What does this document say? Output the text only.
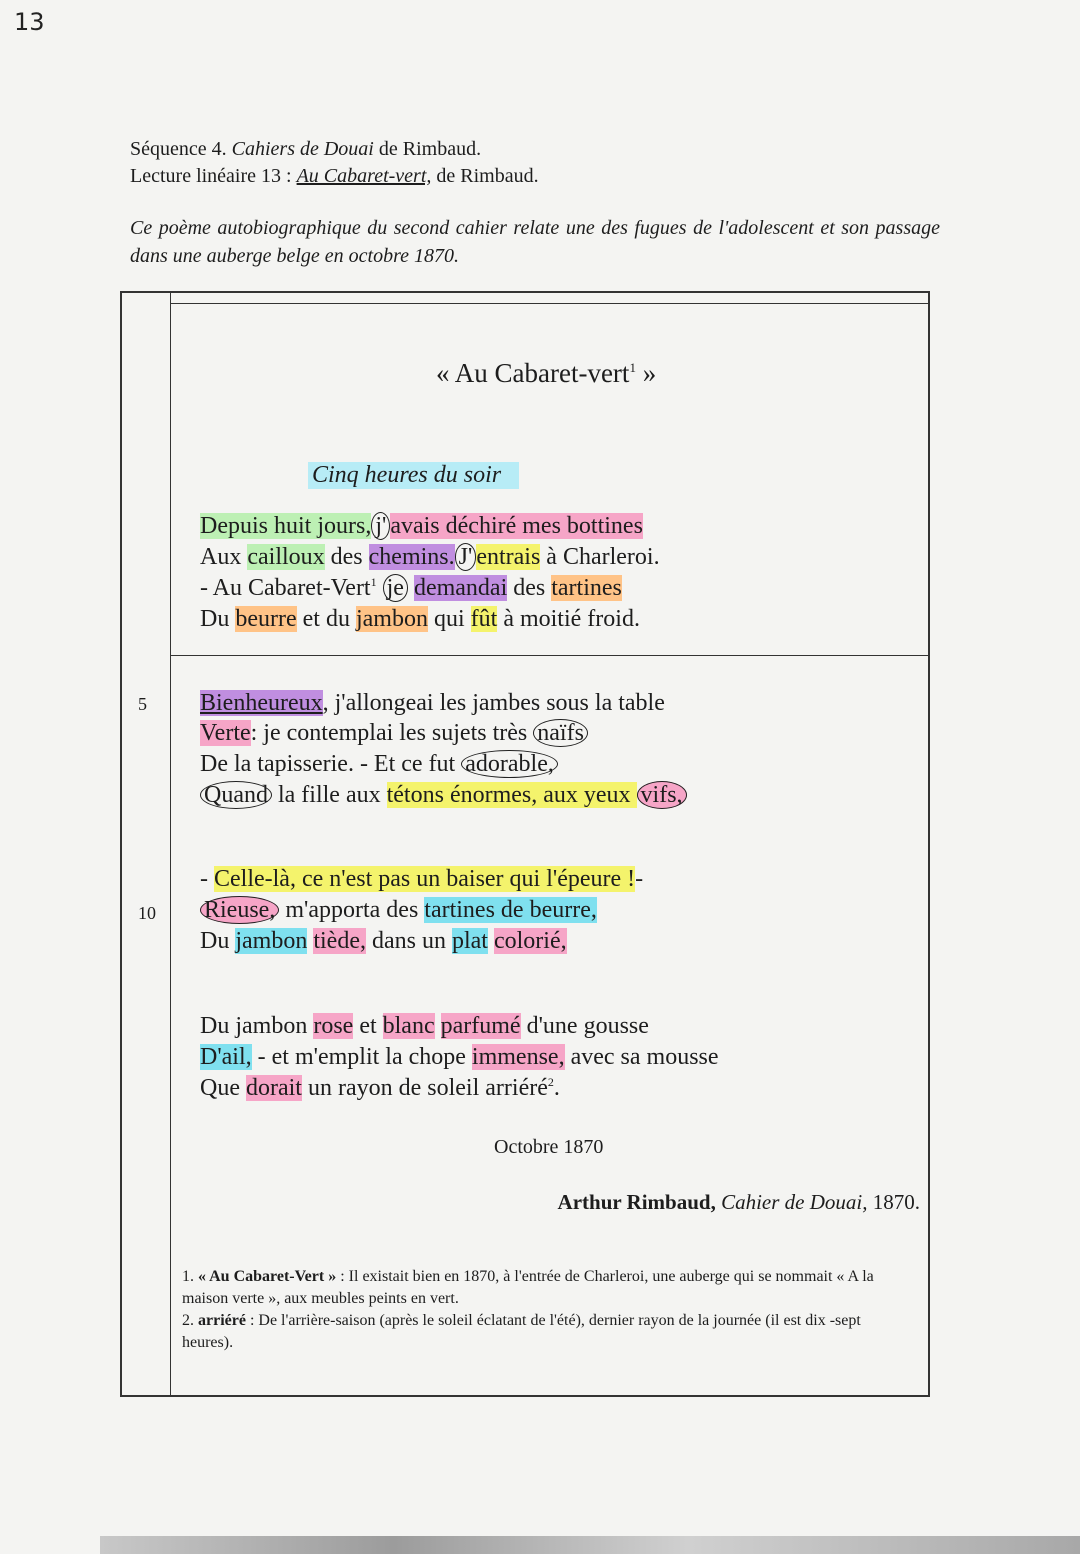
13
Séquence 4. Cahiers de Douai de Rimbaud.
Lecture linéaire 13 : Au Cabaret-vert, de Rimbaud.
Ce poème autobiographique du second cahier relate une des fugues de l'adolescent et son passage dans une auberge belge en octobre 1870.
5
10
« Au Cabaret-vert$^1$ »
Cinq heures du soir
Depuis huit jours, j' avais déchiré mes bottines
Aux cailloux des chemins. J' entrais à Charleroi.
- Au Cabaret-Vert$^1$ je demandai des tartines
Du beurre et du jambon qui fût à moitié froid.
Bienheureux, j'allongeai les jambes sous la table
Verte: je contemplai les sujets très naïfs
De la tapisserie. - Et ce fut adorable,
Quand la fille aux tétons énormes, aux yeux vifs,
- Celle-là, ce n'est pas un baiser qui l'épeure !-
Rieuse, m'apporta des tartines de beurre,
Du jambon tiède, dans un plat colorié,
Du jambon rose et blanc parfumé d'une gousse
D'ail, - et m'emplit la chope immense, avec sa mousse
Que dorait un rayon de soleil arriéré$^2$.
Octobre 1870
Arthur Rimbaud, Cahier de Douai, 1870.
1. « Au Cabaret-Vert » : Il existait bien en 1870, à l'entrée de Charleroi, une auberge qui se nommait « A la maison verte », aux meubles peints en vert.
2. arriéré : De l'arrière-saison (après le soleil éclatant de l'été), dernier rayon de la journée (il est dix -sept heures).
